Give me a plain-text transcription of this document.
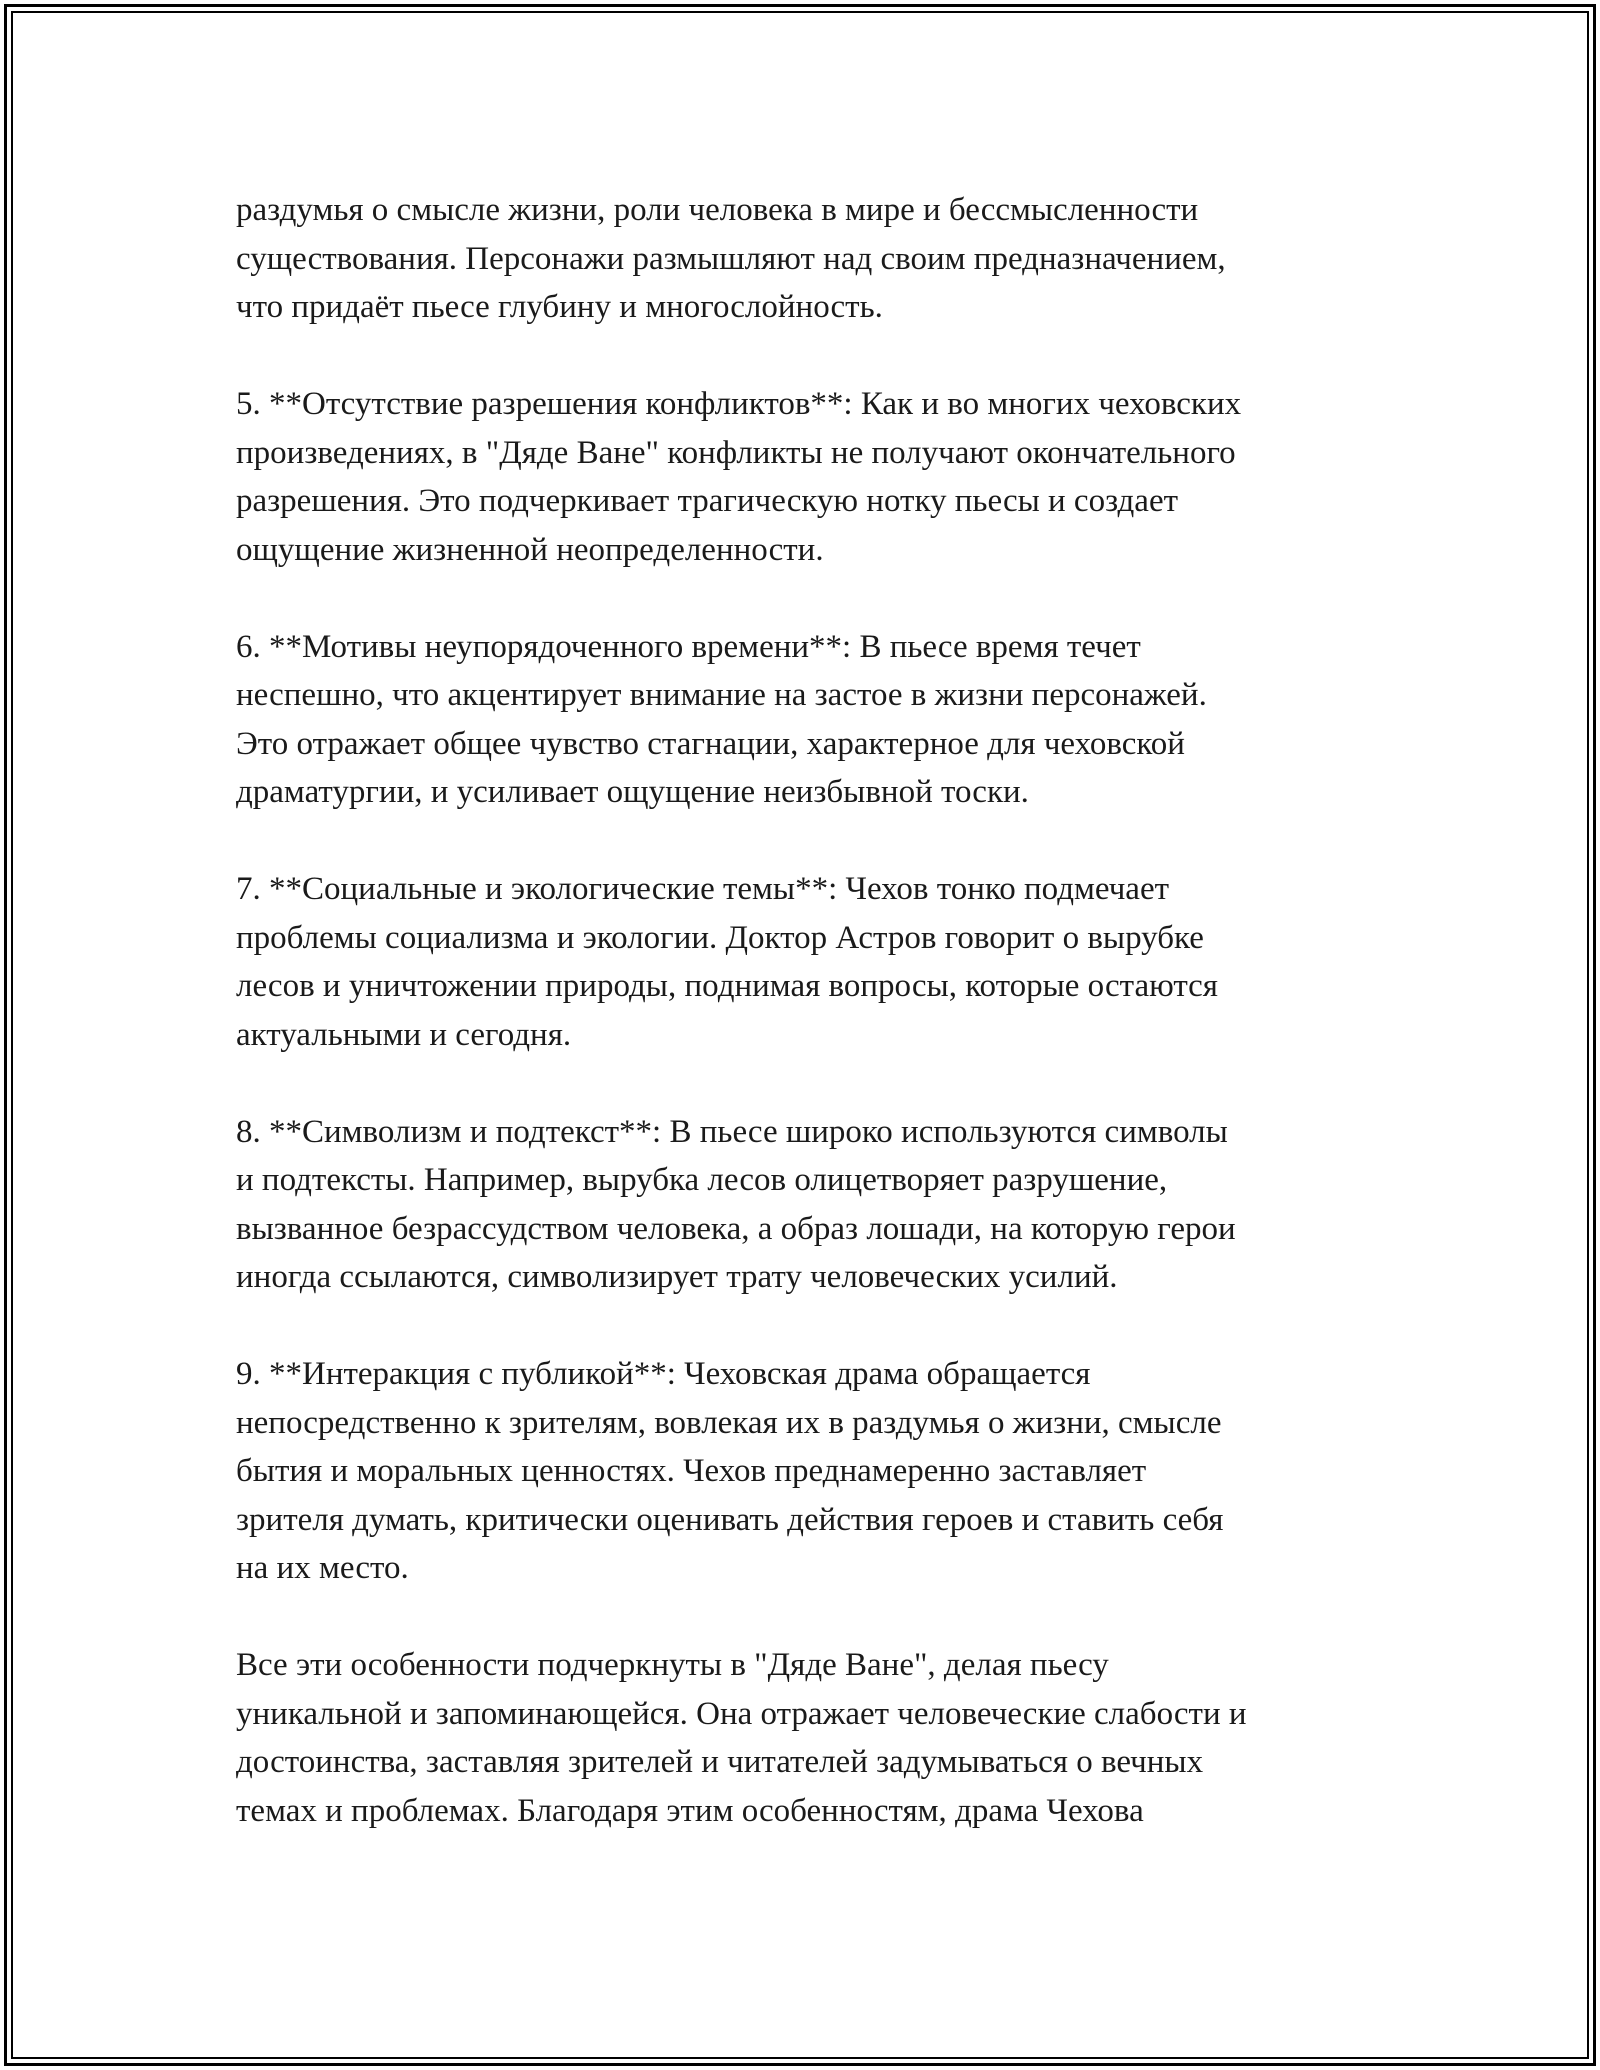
раздумья о смысле жизни, роли человека в мире и бессмысленности
существования. Персонажи размышляют над своим предназначением,
что придаёт пьесе глубину и многослойность.

5. **Отсутствие разрешения конфликтов**: Как и во многих чеховских
произведениях, в "Дяде Ване" конфликты не получают окончательного
разрешения. Это подчеркивает трагическую нотку пьесы и создает
ощущение жизненной неопределенности.

6. **Мотивы неупорядоченного времени**: В пьесе время течет
неспешно, что акцентирует внимание на застое в жизни персонажей.
Это отражает общее чувство стагнации, характерное для чеховской
драматургии, и усиливает ощущение неизбывной тоски.

7. **Социальные и экологические темы**: Чехов тонко подмечает
проблемы социализма и экологии. Доктор Астров говорит о вырубке
лесов и уничтожении природы, поднимая вопросы, которые остаются
актуальными и сегодня.

8. **Символизм и подтекст**: В пьесе широко используются символы
и подтексты. Например, вырубка лесов олицетворяет разрушение,
вызванное безрассудством человека, а образ лошади, на которую герои
иногда ссылаются, символизирует трату человеческих усилий.

9. **Интеракция с публикой**: Чеховская драма обращается
непосредственно к зрителям, вовлекая их в раздумья о жизни, смысле
бытия и моральных ценностях. Чехов преднамеренно заставляет
зрителя думать, критически оценивать действия героев и ставить себя
на их место.

Все эти особенности подчеркнуты в "Дяде Ване", делая пьесу
уникальной и запоминающейся. Она отражает человеческие слабости и
достоинства, заставляя зрителей и читателей задумываться о вечных
темах и проблемах. Благодаря этим особенностям, драма Чехова
